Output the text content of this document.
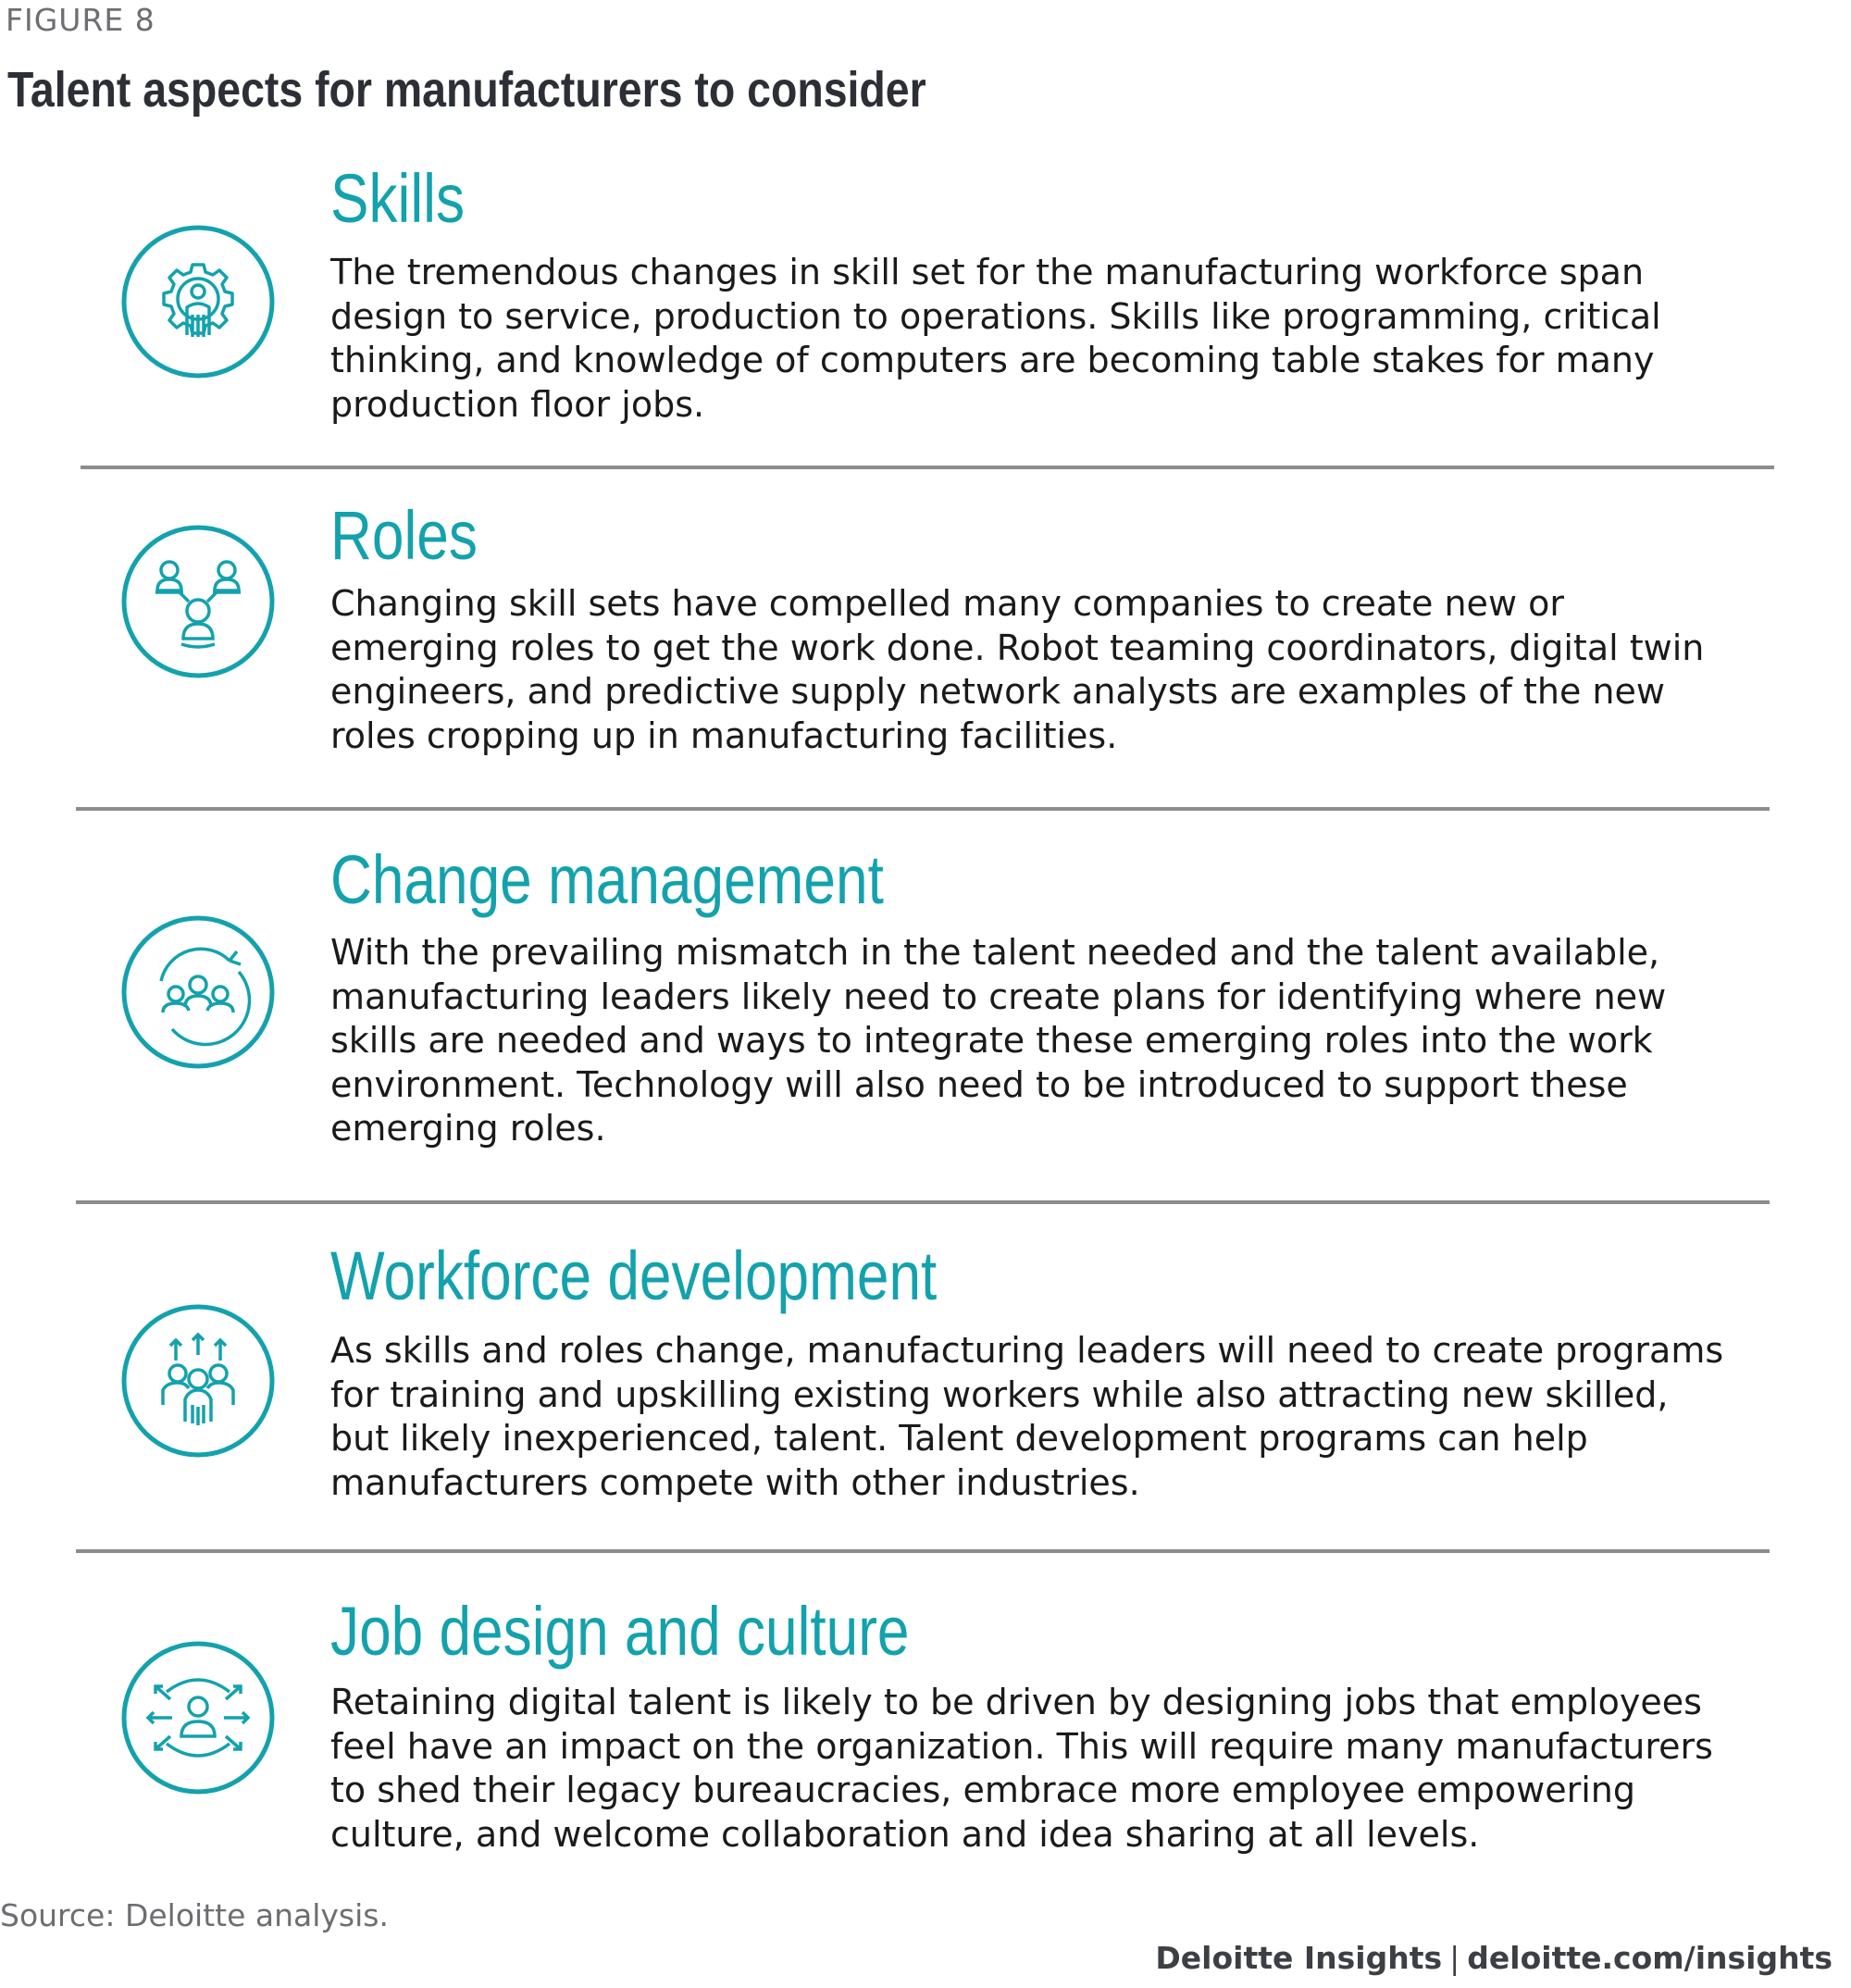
FIGURE 8
Talent aspects for manufacturers to consider
Skills
The tremendous changes in skill set for the manufacturing workforce span design to service, production to operations. Skills like programming, critical thinking, and knowledge of computers are becoming table stakes for many production floor jobs.
Roles
Changing skill sets have compelled many companies to create new or emerging roles to get the work done. Robot teaming coordinators, digital twin engineers, and predictive supply network analysts are examples of the new roles cropping up in manufacturing facilities.
Change management
With the prevailing mismatch in the talent needed and the talent available, manufacturing leaders likely need to create plans for identifying where new skills are needed and ways to integrate these emerging roles into the work environment. Technology will also need to be introduced to support these emerging roles.
Workforce development
As skills and roles change, manufacturing leaders will need to create programs for training and upskilling existing workers while also attracting new skilled, but likely inexperienced, talent. Talent development programs can help manufacturers compete with other industries.
Job design and culture
Retaining digital talent is likely to be driven by designing jobs that employees feel have an impact on the organization. This will require many manufacturers to shed their legacy bureaucracies, embrace more employee empowering culture, and welcome collaboration and idea sharing at all levels.
Source: Deloitte analysis.
Deloitte Insights | deloitte.com/insights
